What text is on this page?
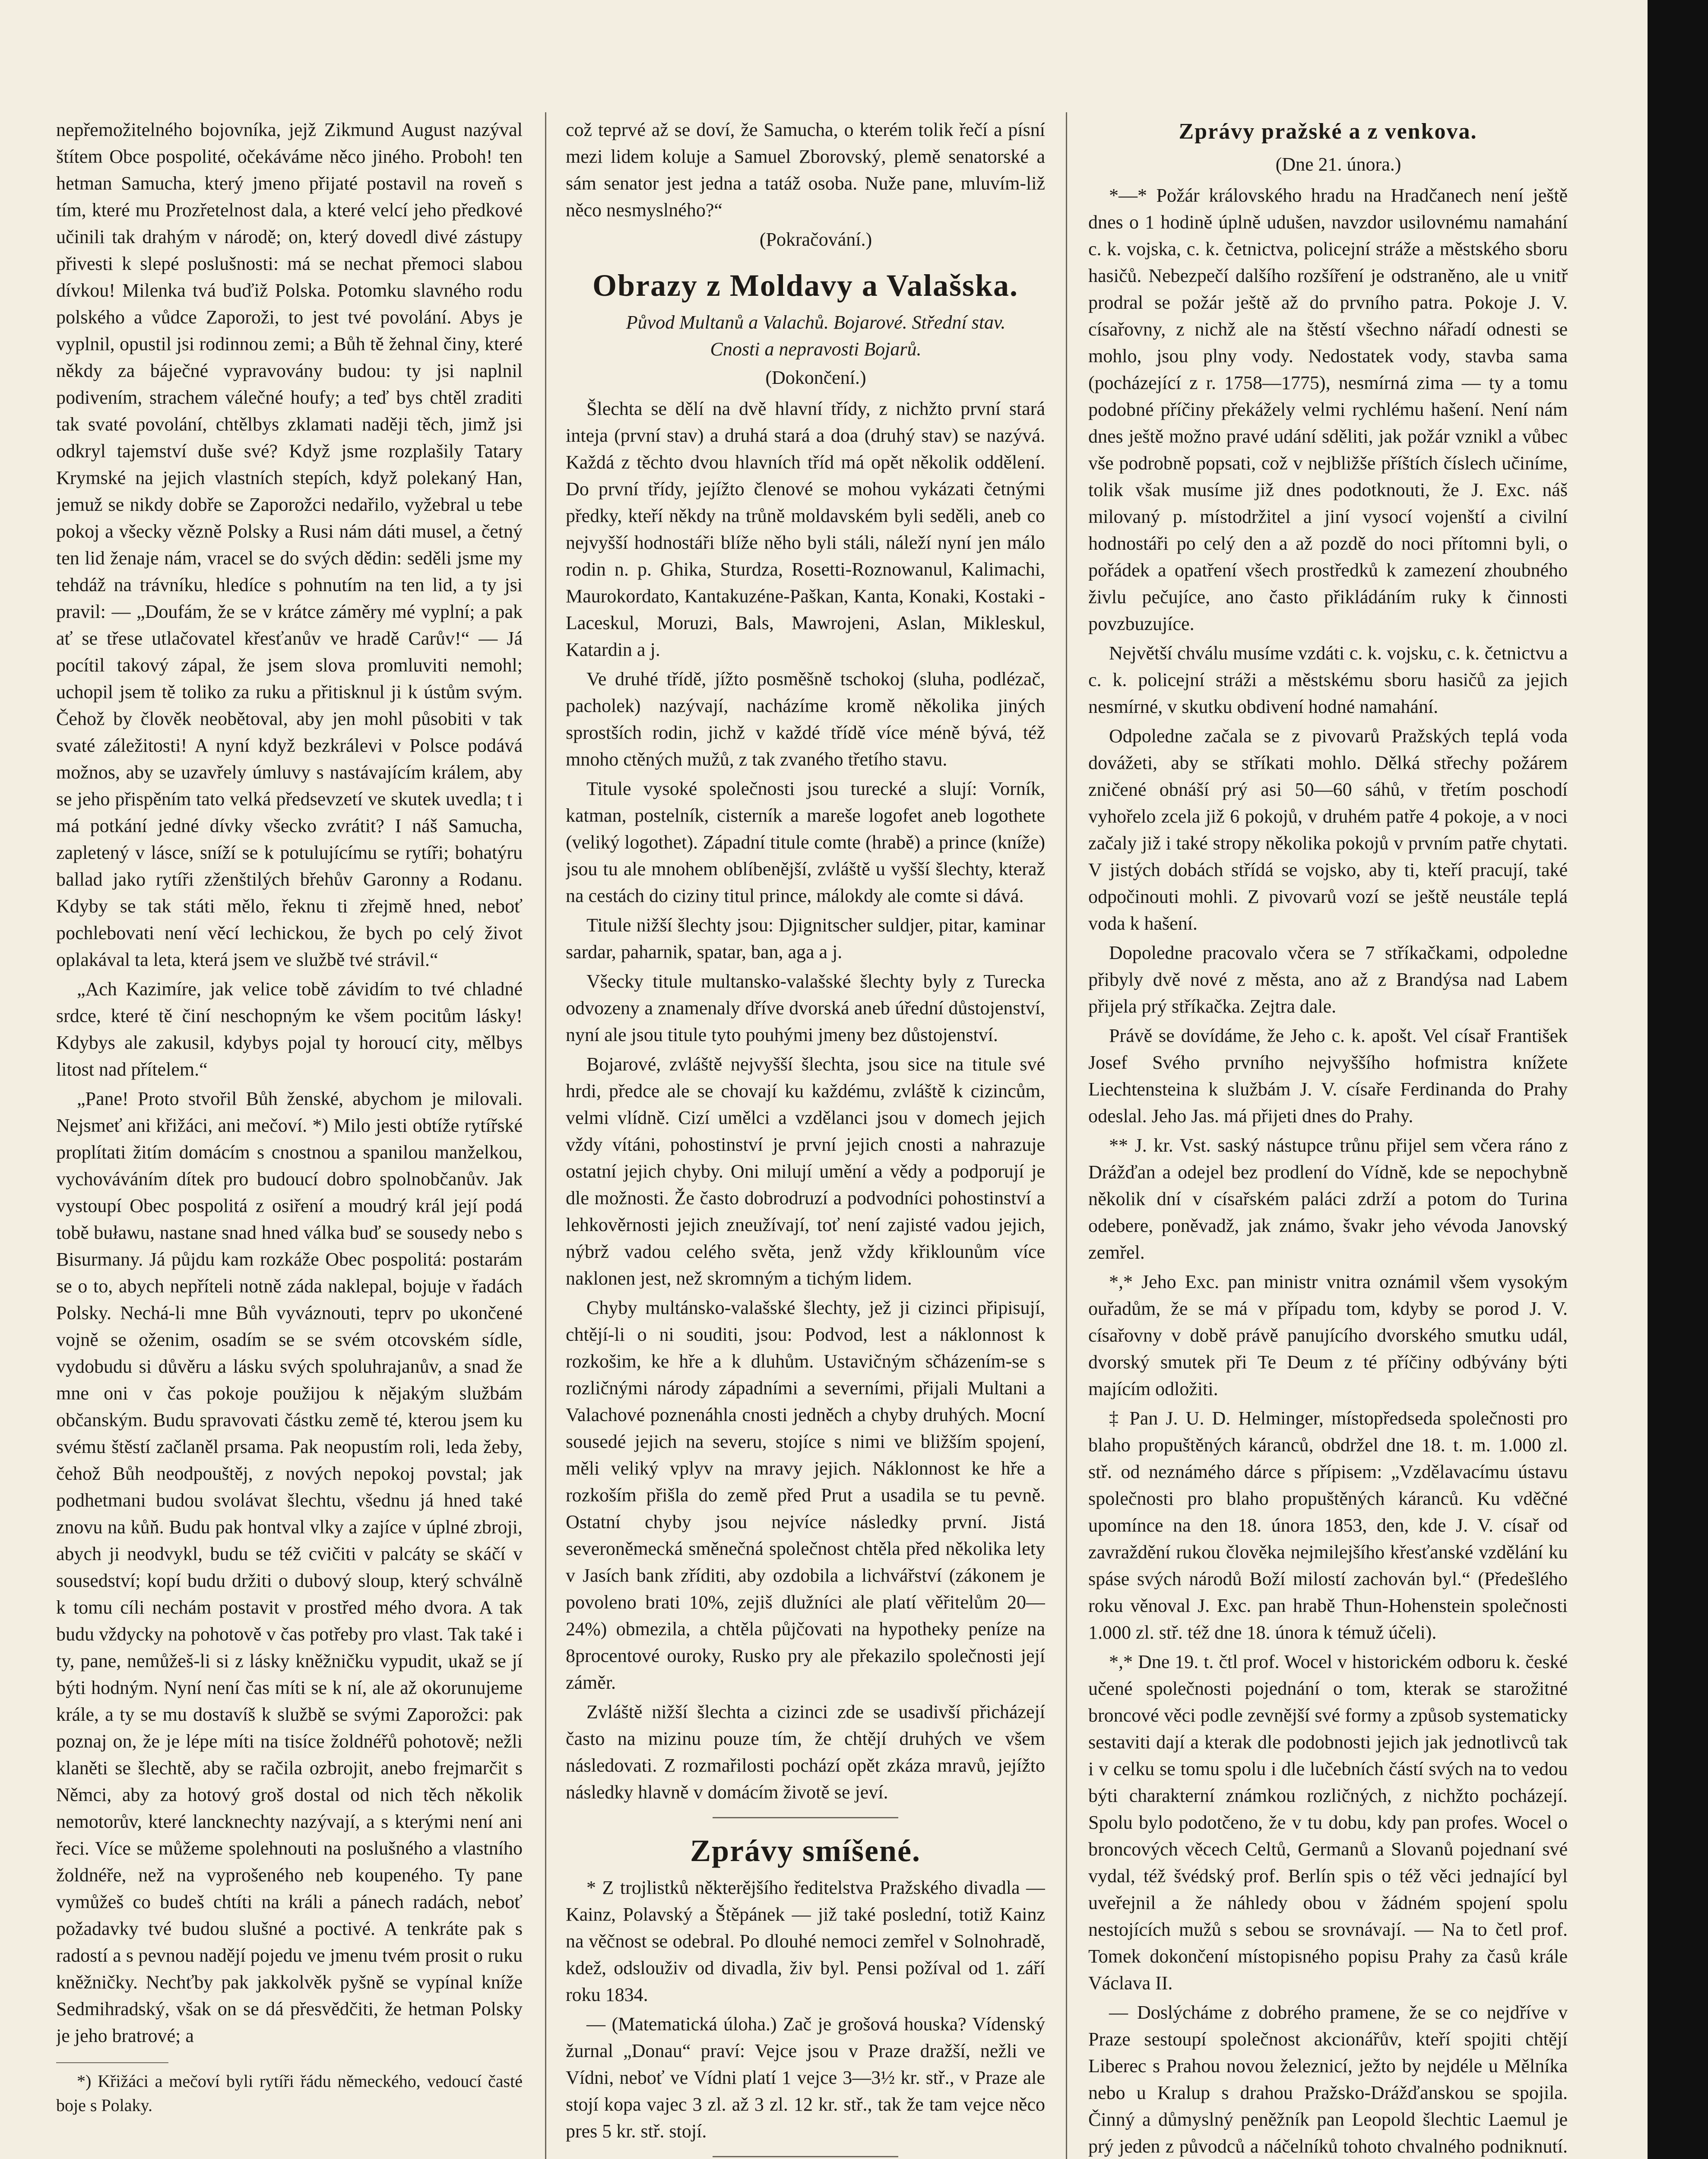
nepřemožitelného bojovníka, jejž Zikmund August nazýval štítem Obce pospolité, očekáváme něco jiného. Proboh! ten hetman Samucha, který jmeno přijaté postavil na roveň s tím, které mu Prozřetelnost dala, a které velcí jeho předkové učinili tak drahým v národě; on, který dovedl divé zástupy přivesti k slepé poslušnosti: má se nechat přemoci slabou dívkou! Milenka tvá buďiž Polska. Potomku slavného rodu polského a vůdce Zaporoži, to jest tvé povolání. Abys je vyplnil, opustil jsi rodinnou zemi; a Bůh tě žehnal činy, které někdy za báječné vypravovány budou: ty jsi naplnil podivením, strachem válečné houfy; a teď bys chtěl zraditi tak svaté povolání, chtělbys zklamati naději těch, jimž jsi odkryl tajemství duše své? Když jsme rozplašily Tatary Krymské na jejich vlastních stepích, když polekaný Han, jemuž se nikdy dobře se Zaporožci nedařilo, vyžebral u tebe pokoj a všecky vězně Polsky a Rusi nám dáti musel, a četný ten lid ženaje nám, vracel se do svých dědin: seděli jsme my tehdáž na trávníku, hledíce s pohnutím na ten lid, a ty jsi pravil: — „Doufám, že se v krátce záměry mé vyplní; a pak ať se třese utlačovatel křesťanův ve hradě Carův!“ — Já pocítil takový zápal, že jsem slova promluviti nemohl; uchopil jsem tě toliko za ruku a přitisknul ji k ústům svým. Čehož by člověk neobětoval, aby jen mohl působiti v tak svaté záležitosti! A nyní když bezkrálevi v Polsce podává možnos, aby se uzavřely úmluvy s nastávajícím králem, aby se jeho přispěním tato velká předsevzetí ve skutek uvedla; t i má potkání jedné dívky všecko zvrátit? I náš Samucha, zapletený v lásce, sníží se k potulujícímu se rytíři; bohatýru ballad jako rytíři zženštilých břehův Garonny a Rodanu. Kdyby se tak státi mělo, řeknu ti zřejmě hned, neboť pochlebovati není věcí lechickou, že bych po celý život oplakával ta leta, která jsem ve službě tvé strávil.“

„Ach Kazimíre, jak velice tobě závidím to tvé chladné srdce, které tě činí neschopným ke všem pocitům lásky! Kdybys ale zakusil, kdybys pojal ty horoucí city, mělbys litost nad přítelem.“

„Pane! Proto stvořil Bůh ženské, abychom je milovali. Nejsmeť ani křižáci, ani mečoví. *) Milo jesti obtíže rytířské proplítati žitím domácím s cnostnou a spanilou manželkou, vychováváním dítek pro budoucí dobro spolnobčanův. Jak vystoupí Obec pospolitá z osiření a moudrý král její podá tobě buławu, nastane snad hned válka buď se sousedy nebo s Bisurmany. Já půjdu kam rozkáže Obec pospolitá: postarám se o to, abych nepříteli notně záda naklepal, bojuje v řadách Polsky. Nechá-li mne Bůh vyváznouti, teprv po ukončené vojně se oženim, osadím se se svém otcovském sídle, vydobudu si důvěru a lásku svých spoluhrajanův, a snad že mne oni v čas pokoje použijou k nějakým službám občanským. Budu spravovati částku země té, kterou jsem ku svému štěstí začlaněl prsama. Pak neopustím roli, leda žeby, čehož Bůh neodpouštěj, z nových nepokoj povstal; jak podhetmani budou svolávat šlechtu, všednu já hned také znovu na kůň. Budu pak hontval vlky a zajíce v úplné zbroji, abych ji neodvykl, budu se též cvičiti v palcáty se skáčí v sousedství; kopí budu držiti o dubový sloup, který schválně k tomu cíli nechám postavit v prostřed mého dvora. A tak budu vždycky na pohotově v čas potřeby pro vlast. Tak také i ty, pane, nemůžeš-li si z lásky kněžničku vypudit, ukaž se jí býti hodným. Nyní není čas míti se k ní, ale až okorunujeme krále, a ty se mu dostavíš k službě se svými Zaporožci: pak poznaj on, že je lépe míti na tisíce žoldnéřů pohotově; nežli klaněti se šlechtě, aby se račila ozbrojit, anebo frejmarčit s Němci, aby za hotový groš dostal od nich těch několik nemotorův, které lancknechty nazývají, a s kterými není ani řeci. Více se můžeme spolehnouti na poslušného a vlastního žoldnéře, než na vyprošeného neb koupeného. Ty pane vymůžeš co budeš chtíti na králi a pánech radách, neboť požadavky tvé budou slušné a poctivé. A tenkráte pak s radostí a s pevnou nadějí pojedu ve jmenu tvém prosit o ruku kněžničky. Nechťby pak jakkolvěk pyšně se vypínal kníže Sedmihradský, však on se dá přesvědčiti, že hetman Polsky je jeho bratrové; a

*) Křižáci a mečoví byli rytíři řádu německého, vedoucí časté boje s Polaky.

což teprvé až se doví, že Samucha, o kterém tolik řečí a písní mezi lidem koluje a Samuel Zborovský, plemě senatorské a sám senator jest jedna a tatáž osoba. Nuže pane, mluvím-liž něco nesmyslného?“

(Pokračování.)

Obrazy z Moldavy a Valašska.

Původ Multanů a Valachů. Bojarové. Střední stav.

Cnosti a nepravosti Bojarů.

(Dokončení.)

Šlechta se dělí na dvě hlavní třídy, z nichžto první stará inteja (první stav) a druhá stará a doa (druhý stav) se nazývá. Každá z těchto dvou hlavních tříd má opět několik oddělení. Do první třídy, jejížto členové se mohou vykázati četnými předky, kteří někdy na trůně moldavském byli seděli, aneb co nejvyšší hodnostáři blíže něho byli stáli, náleží nyní jen málo rodin n. p. Ghika, Sturdza, Rosetti-Roznowanul, Kalimachi, Maurokordato, Kantakuzéne-Paškan, Kanta, Konaki, Kostaki - Laceskul, Moruzi, Bals, Mawrojeni, Aslan, Mikleskul, Katardin a j.

Ve druhé třídě, jížto posměšně tschokoj (sluha, podlézač, pacholek) nazývají, nacházíme kromě několika jiných sprostších rodin, jichž v každé třídě více méně bývá, též mnoho ctěných mužů, z tak zvaného třetího stavu.

Titule vysoké společnosti jsou turecké a slují: Vorník, katman, postelník, cisterník a mareše logofet aneb logothete (veliký logothet). Západní titule comte (hrabě) a prince (kníže) jsou tu ale mnohem oblíbenější, zvláště u vyšší šlechty, kteraž na cestách do ciziny titul prince, málokdy ale comte si dává.

Titule nižší šlechty jsou: Djignitscher suldjer, pitar, kaminar sardar, paharnik, spatar, ban, aga a j.

Všecky titule multansko-valašské šlechty byly z Turecka odvozeny a znamenaly dříve dvorská aneb úřední důstojenství, nyní ale jsou titule tyto pouhými jmeny bez důstojenství.

Bojarové, zvláště nejvyšší šlechta, jsou sice na titule své hrdi, předce ale se chovají ku každému, zvláště k cizincům, velmi vlídně. Cizí umělci a vzdělanci jsou v domech jejich vždy vítáni, pohostinství je první jejich cnosti a nahrazuje ostatní jejich chyby. Oni milují umění a vědy a podporují je dle možnosti. Že často dobrodruzí a podvodníci pohostinství a lehkověrnosti jejich zneužívají, toť není zajisté vadou jejich, nýbrž vadou celého světa, jenž vždy křiklounům více naklonen jest, než skromným a tichým lidem.

Chyby multánsko-valašské šlechty, jež ji cizinci připisují, chtějí-li o ni souditi, jsou: Podvod, lest a náklonnost k rozkošim, ke hře a k dluhům. Ustavičným sčházením-se s rozličnými národy západními a severními, přijali Multani a Valachové poznenáhla cnosti jedněch a chyby druhých. Mocní sousedé jejich na severu, stojíce s nimi ve bližším spojení, měli veliký vplyv na mravy jejich. Náklonnost ke hře a rozkoším přišla do země před Prut a usadila se tu pevně. Ostatní chyby jsou nejvíce následky první. Jistá severoněmecká směnečná společnost chtěla před několika lety v Jasích bank zříditi, aby ozdobila a lichvářství (zákonem je povoleno brati 10%, zejiš dlužníci ale platí věřitelům 20—24%) obmezila, a chtěla půjčovati na hypotheky peníze na 8procentové ouroky, Rusko pry ale překazilo společnosti její záměr.

Zvláště nižší šlechta a cizinci zde se usadivší přicházejí často na mizinu pouze tím, že chtějí druhých ve všem následovati. Z rozmařilosti pochází opět zkáza mravů, jejížto následky hlavně v domácím životě se jeví.

Zprávy smíšené.

* Z trojlistků některějšího ředitelstva Pražského divadla — Kainz, Polavský a Štěpánek — již také poslední, totiž Kainz na věčnost se odebral. Po dlouhé nemoci zemřel v Solnohradě, kdež, odslouživ od divadla, živ byl. Pensi požíval od 1. září roku 1834.

— (Matematická úloha.) Zač je grošová houska? Vídenský žurnal „Donau“ praví: Vejce jsou v Praze dražší, nežli ve Vídni, neboť ve Vídni platí 1 vejce 3—3½ kr. stř., v Praze ale stojí kopa vajec 3 zl. až 3 zl. 12 kr. stř., tak že tam vejce něco pres 5 kr. stř. stojí.

Zprávy pražské a z venkova.

(Dne 21. února.)

*—* Požár královského hradu na Hradčanech není ještě dnes o 1 hodině úplně udušen, navzdor usilovnému namahání c. k. vojska, c. k. četnictva, policejní stráže a městského sboru hasičů. Nebezpečí dalšího rozšíření je odstraněno, ale u vnitř prodral se požár ještě až do prvního patra. Pokoje J. V. císařovny, z nichž ale na štěstí všechno nářadí odnesti se mohlo, jsou plny vody. Nedostatek vody, stavba sama (pocházející z r. 1758—1775), nesmírná zima — ty a tomu podobné příčiny překážely velmi rychlému hašení. Není nám dnes ještě možno pravé udání sděliti, jak požár vznikl a vůbec vše podrobně popsati, což v nejbližše příštích číslech učiníme, tolik však musíme již dnes podotknouti, že J. Exc. náš milovaný p. místodržitel a jiní vysocí vojenští a civilní hodnostáři po celý den a až pozdě do noci přítomni byli, o pořádek a opatření všech prostředků k zamezení zhoubného živlu pečujíce, ano často přikládáním ruky k činnosti povzbuzujíce.

Největší chválu musíme vzdáti c. k. vojsku, c. k. četnictvu a c. k. policejní stráži a městskému sboru hasičů za jejich nesmírné, v skutku obdivení hodné namahání.

Odpoledne začala se z pivovarů Pražských teplá voda dovážeti, aby se stříkati mohlo. Dělká střechy požárem zničené obnáší prý asi 50—60 sáhů, v třetím poschodí vyhořelo zcela již 6 pokojů, v druhém patře 4 pokoje, a v noci začaly již i také stropy několika pokojů v prvním patře chytati. V jistých dobách střídá se vojsko, aby ti, kteří pracují, také odpočinouti mohli. Z pivovarů vozí se ještě neustále teplá voda k hašení.

Dopoledne pracovalo včera se 7 stříkačkami, odpoledne přibyly dvě nové z města, ano až z Brandýsa nad Labem přijela prý stříkačka. Zejtra dale.

Právě se dovídáme, že Jeho c. k. apošt. Vel císař František Josef Svého prvního nejvyššího hofmistra knížete Liechtensteina k službám J. V. císaře Ferdinanda do Prahy odeslal. Jeho Jas. má přijeti dnes do Prahy.

** J. kr. Vst. saský nástupce trůnu přijel sem včera ráno z Drážďan a odejel bez prodlení do Vídně, kde se nepochybně několik dní v císařském paláci zdrží a potom do Turina odebere, poněvadž, jak známo, švakr jeho vévoda Janovský zemřel.

*,* Jeho Exc. pan ministr vnitra oznámil všem vysokým ouřadům, že se má v případu tom, kdyby se porod J. V. císařovny v době právě panujícího dvorského smutku udál, dvorský smutek při Te Deum z té příčiny odbývány býti majícím odložiti.

‡ Pan J. U. D. Helminger, místopředseda společnosti pro blaho propuštěných káranců, obdržel dne 18. t. m. 1.000 zl. stř. od neznámého dárce s přípisem: „Vzdělavacímu ústavu společnosti pro blaho propuštěných káranců. Ku vděčné upomínce na den 18. února 1853, den, kde J. V. císař od zavraždění rukou člověka nejmilejšího křesťanské vzdělání ku spáse svých národů Boží milostí zachován byl.“ (Předešlého roku věnoval J. Exc. pan hrabě Thun-Hohenstein společnosti 1.000 zl. stř. též dne 18. února k témuž účeli).

*,* Dne 19. t. čtl prof. Wocel v historickém odboru k. české učené společnosti pojednání o tom, kterak se starožitné broncové věci podle zevnější své formy a způsob systematicky sestaviti dají a kterak dle podobnosti jejich jak jednotlivců tak i v celku se tomu spolu i dle lučebních částí svých na to vedou býti charakterní známkou rozličných, z nichžto pocházejí. Spolu bylo podotčeno, že v tu dobu, kdy pan profes. Wocel o broncových věcech Celtů, Germanů a Slovanů pojednaní své vydal, též švédský prof. Berlín spis o též věci jednající byl uveřejnil a že náhledy obou v žádném spojení spolu nestojících mužů s sebou se srovnávají. — Na to četl prof. Tomek dokončení místopisného popisu Prahy za časů krále Václava II.

— Doslýcháme z dobrého pramene, že se co nejdříve v Praze sestoupí společnost akcionářův, kteří spojiti chtějí Liberec s Prahou novou železnicí, ježto by nejdéle u Mělníka nebo u Kralup s drahou Pražsko-Drážďanskou se spojila. Činný a důmyslný peněžník pan Leopold šlechtic Laemul je prý jeden z původců a náčelníků tohoto chvalného podniknutí.
